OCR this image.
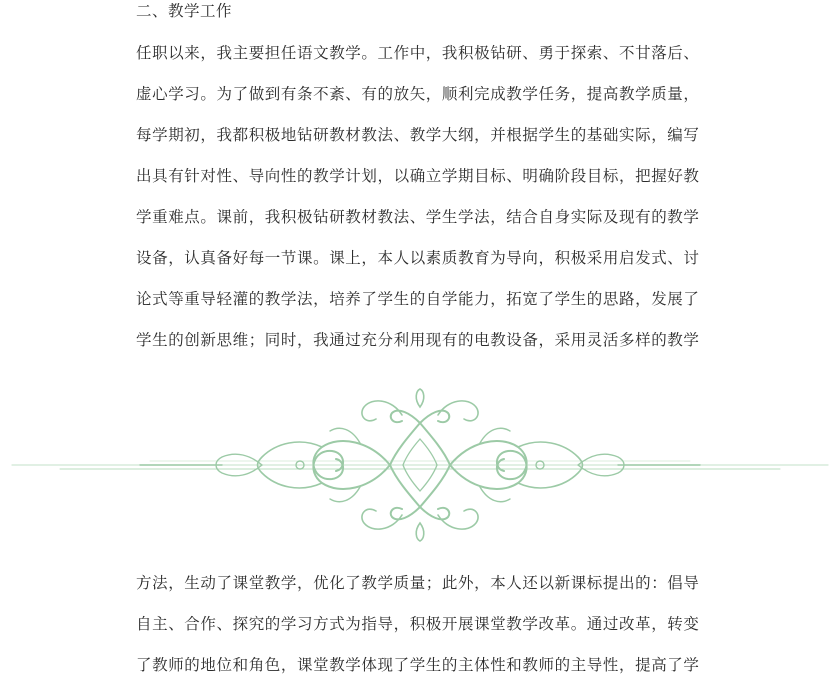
二、教学工作
任职以来，我主要担任语文教学。工作中，我积极钻研、勇于探索、不甘落后、
虚心学习。为了做到有条不紊、有的放矢，顺利完成教学任务，提高教学质量，
每学期初，我都积极地钻研教材教法、教学大纲，并根据学生的基础实际，编写
出具有针对性、导向性的教学计划，以确立学期目标、明确阶段目标，把握好教
学重难点。课前，我积极钻研教材教法、学生学法，结合自身实际及现有的教学
设备，认真备好每一节课。课上，本人以素质教育为导向，积极采用启发式、讨
论式等重导轻灌的教学法，培养了学生的自学能力，拓宽了学生的思路，发展了
学生的创新思维；同时，我通过充分利用现有的电教设备，采用灵活多样的教学
方法，生动了课堂教学，优化了教学质量；此外，本人还以新课标提出的：倡导
自主、合作、探究的学习方式为指导，积极开展课堂教学改革。通过改革，转变
了教师的地位和角色，课堂教学体现了学生的主体性和教师的主导性，提高了学
